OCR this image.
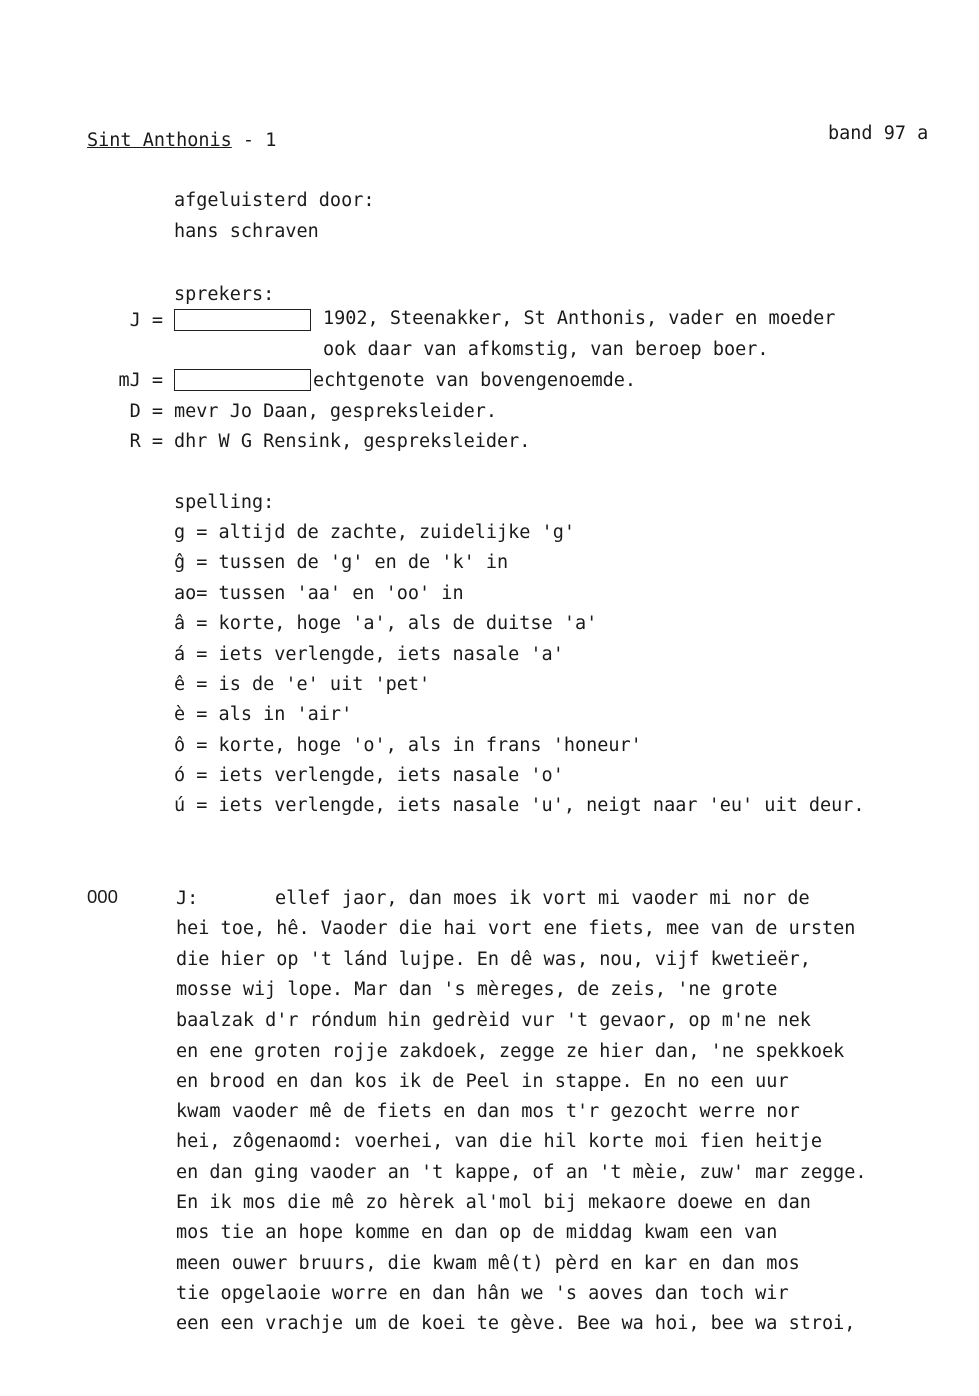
Sint Anthonis - 1	band 97 a
afgeluisterd door:
hans schraven
sprekers:
J =	1902, Steenakker, St Anthonis, vader en moeder
ook daar van afkomstig, van beroep boer.
mJ =	echtgenote van bovengenoemde.
D = mevr Jo Daan, gespreksleider.
R = dhr W G Rensink, gespreksleider.
spelling:
g = altijd de zachte, zuidelijke 'g'
ĝ = tussen de 'g' en de 'k' in
ao= tussen 'aa' en 'oo' in
â = korte, hoge 'a', als de duitse 'a'
á = iets verlengde, iets nasale 'a'
ê = is de 'e' uit 'pet'
è = als in 'air'
ô = korte, hoge 'o', als in frans 'honeur'
ó = iets verlengde, iets nasale 'o'
ú = iets verlengde, iets nasale 'u', neigt naar 'eu' uit deur.
000	J:	ellef jaor, dan moes ik vort mi vaoder mi nor de
hei toe, hê. Vaoder die hai vort ene fiets, mee van de ursten
die hier op 't lánd lujpe. En dê was, nou, vijf kwetieër,
mosse wij lope. Mar dan 's mèreges, de zeis, 'ne grote
baalzak d'r róndum hin gedrèid vur 't gevaor, op m'ne nek
en ene groten rojje zakdoek, zegge ze hier dan, 'ne spekkoek
en brood en dan kos ik de Peel in stappe. En no een uur
kwam vaoder mê de fiets en dan mos t'r gezocht werre nor
hei, zôgenaomd: voerhei, van die hil korte moi fien heitje
en dan ging vaoder an 't kappe, of an 't mèie, zuw' mar zegge.
En ik mos die mê zo hèrek al'mol bij mekaore doewe en dan
mos tie an hope komme en dan op de middag kwam een van
meen ouwer bruurs, die kwam mê(t) pèrd en kar en dan mos
tie opgelaoie worre en dan hân we 's aoves dan toch wir
een een vrachje um de koei te gève. Bee wa hoi, bee wa stroi,
